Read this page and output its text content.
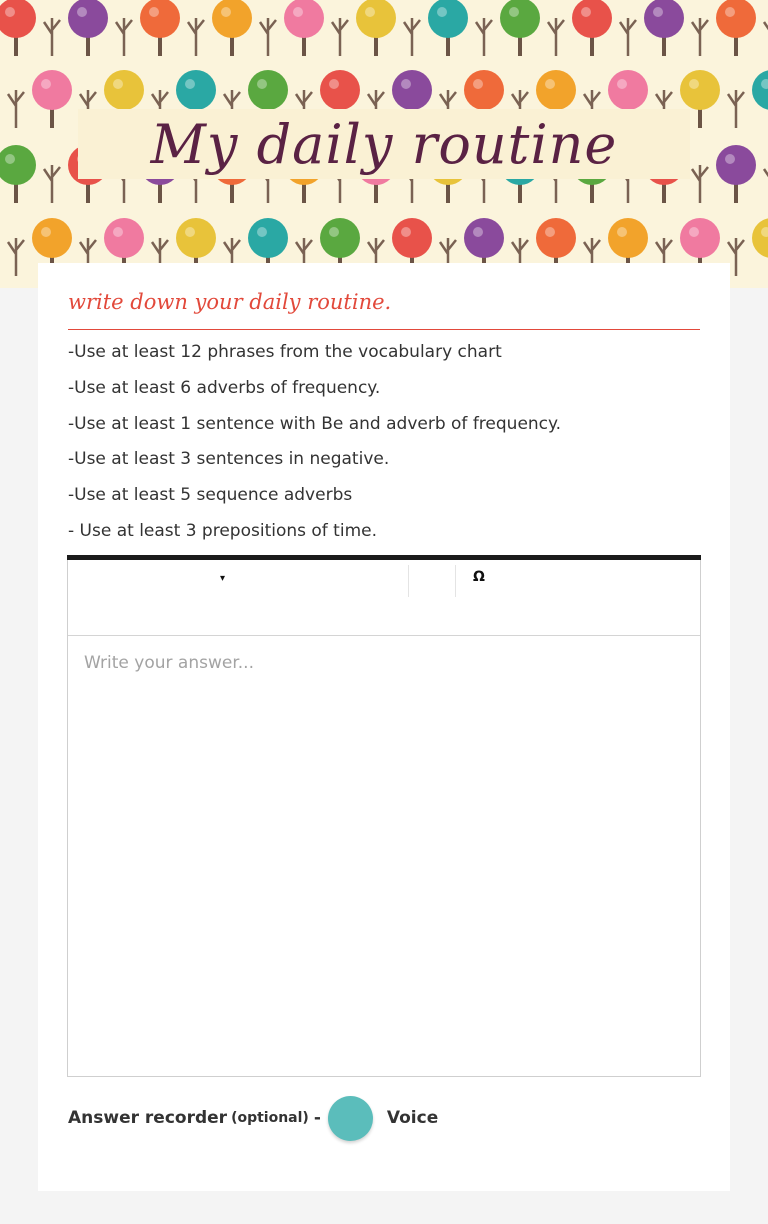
My daily routine
write down your daily routine.
-Use at least 12 phrases from the vocabulary chart
-Use at least 6 adverbs of frequency.
-Use at least 1 sentence with Be and adverb of frequency.
-Use at least 3 sentences in negative.
-Use at least 5 sequence adverbs
- Use at least 3 prepositions of time.
▾	Ω
Write your answer...
Answer recorder (optional) -	Voice
